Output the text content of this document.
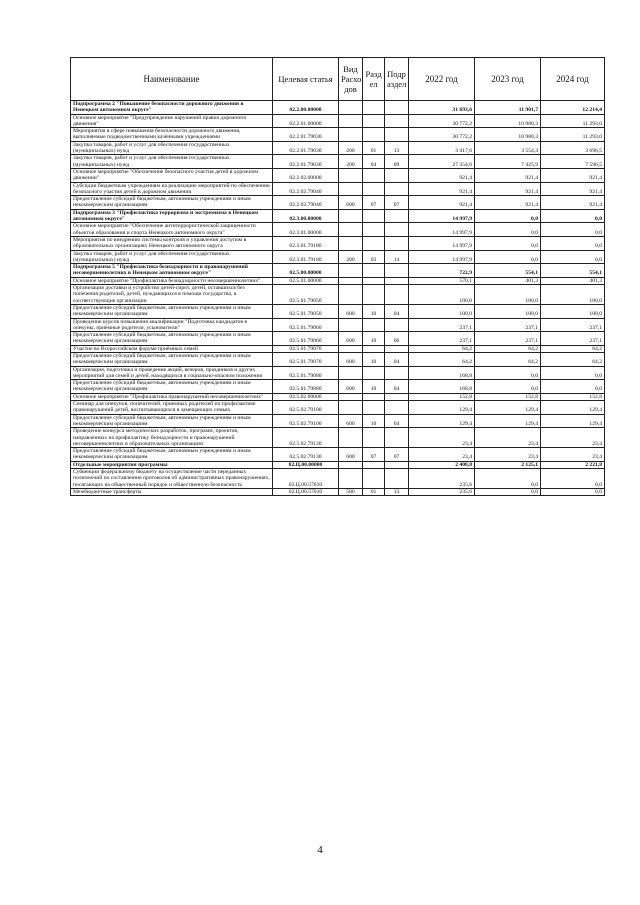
Наименование	Целевая статья	Вид Расхо дов	Разд ел	Подр аздел	2022 год	2023 год	2024 год
Подпрограмма 2 "Повышение безопасности дорожного движения в Ненецком автономном округе"	02.2.00.00000				31 693,6	11 901,7	12 214,4
Основное мероприятие "Предупреждение нарушений правил дорожного движения"	02.2.01.00000				30 772,2	10 980,3	11 293,0
Мероприятия в сфере повышения безопасности дорожного движения, выполняемые подведомственными казёнными учреждениями	02.2.01.79030				30 772,2	10 980,3	11 293,0
Закупка товаров, работ и услуг для обеспечения государственных (муниципальных) нужд	02.2.01.79030	200	01	13	3 417,6	3 554,4	3 696,5
Закупка товаров, работ и услуг для обеспечения государственных (муниципальных) нужд	02.2.01.79030	200	04	09	27 354,6	7 425,9	7 596,5
Основное мероприятие "Обеспечение безопасного участия детей в дорожном движении"	02.2.02.00000				921,4	921,4	921,4
Субсидии бюджетным учреждениям на реализацию мероприятий по обеспечению безопасного участия детей в дорожном движении	02.2.02.79040				921,4	921,4	921,4
Предоставление субсидий бюджетным, автономным учреждениям и иным некоммерческим организациям	02.2.02.79040	600	07	07	921,4	921,4	921,4
Подпрограмма 3 "Профилактика терроризма и экстремизма в Ненецком автономном округе"	02.3.00.00000				14 997,9	0,0	0,0
Основное мероприятие "Обеспечение антитеррористической защищенности объектов образования и спорта Ненецкого автономного округа"	02.3.01.00000				14 997,9	0,0	0,0
Мероприятия по внедрению системы контроля и управления доступом в образовательных организациях Ненецкого автономного округа	02.3.01.79180				14 997,9	0,0	0,0
Закупка товаров, работ и услуг для обеспечения государственных (муниципальных) нужд	02.3.01.79180	200	03	14	14 997,9	0,0	0,0
Подпрограмма 5 "Профилактика безнадзорности и правонарушений несовершеннолетних в Ненецком автономном округе"	02.5.00.00000				722,9	554,1	554,1
Основное мероприятие "Профилактика безнадзорности несовершеннолетних"	02.5.01.00000				570,1	401,3	401,3
Организация доставки и устройство детей-сирот, детей, оставшихся без попечения родителей, детей, нуждающихся в помощи государства, в соответствующие организации	02.5.01.79050				100,0	100,0	100,0
Предоставление субсидий бюджетным, автономным учреждениям и иным некоммерческим организациям	02.5.01.79050	600	10	04	100,0	100,0	100,0
Проведение курсов повышения квалификации "Подготовка кандидатов в опекуны, приёмные родители, усыновители"	02.5.01.79060				237,1	237,1	237,1
Предоставление субсидий бюджетным, автономным учреждениям и иным некоммерческим организациям	02.5.01.79060	600	10	06	237,1	237,1	237,1
Участие во Всероссийском форуме приёмных семей	02.5.01.79070				64,2	64,2	64,2
Предоставление субсидий бюджетным, автономным учреждениям и иным некоммерческим организациям	02.5.01.79070	600	10	04	64,2	64,2	64,2
Организация, подготовка и проведение акций, вечеров, праздников и других мероприятий для семей и детей, находящихся в социально-опасном положении	02.5.01.79080				168,8	0,0	0,0
Предоставление субсидий бюджетным, автономным учреждениям и иным некоммерческим организациям	02.5.01.79080	600	10	04	168,8	0,0	0,0
Основное мероприятие "Профилактика правонарушений несовершеннолетних"	02.5.02.00000				152,8	152,8	152,8
Семинар для опекунов, попечителей, приемных родителей по профилактике правонарушений детей, воспитывающихся в замещающих семьях	02.5.02.79100				129,4	129,4	129,4
Предоставление субсидий бюджетным, автономным учреждениям и иным некоммерческим организациям	02.5.02.79100	600	10	04	129,4	129,4	129,4
Проведение конкурса методических разработок, программ, проектов, направленных на профилактику безнадзорности и правонарушений несовершеннолетних в образовательных организациях	02.5.02.79130				23,4	23,4	23,4
Предоставление субсидий бюджетным, автономным учреждениям и иным некоммерческим организациям	02.5.02.79130	600	07	07	23,4	23,4	23,4
Отдельные мероприятия программы	02.Ц.00.00000				2 408,8	2 125,1	2 221,8
Субвенции федеральному бюджету на осуществление части переданных полномочий по составлению протоколов об административных правонарушениях, посягающих на общественный порядок и общественную безопасность	02.Ц.00.57010				235,6	0,0	0,0
Межбюджетные трансферты	02.Ц.00.57010	500	01	13	235,6	0,0	0,0
4
